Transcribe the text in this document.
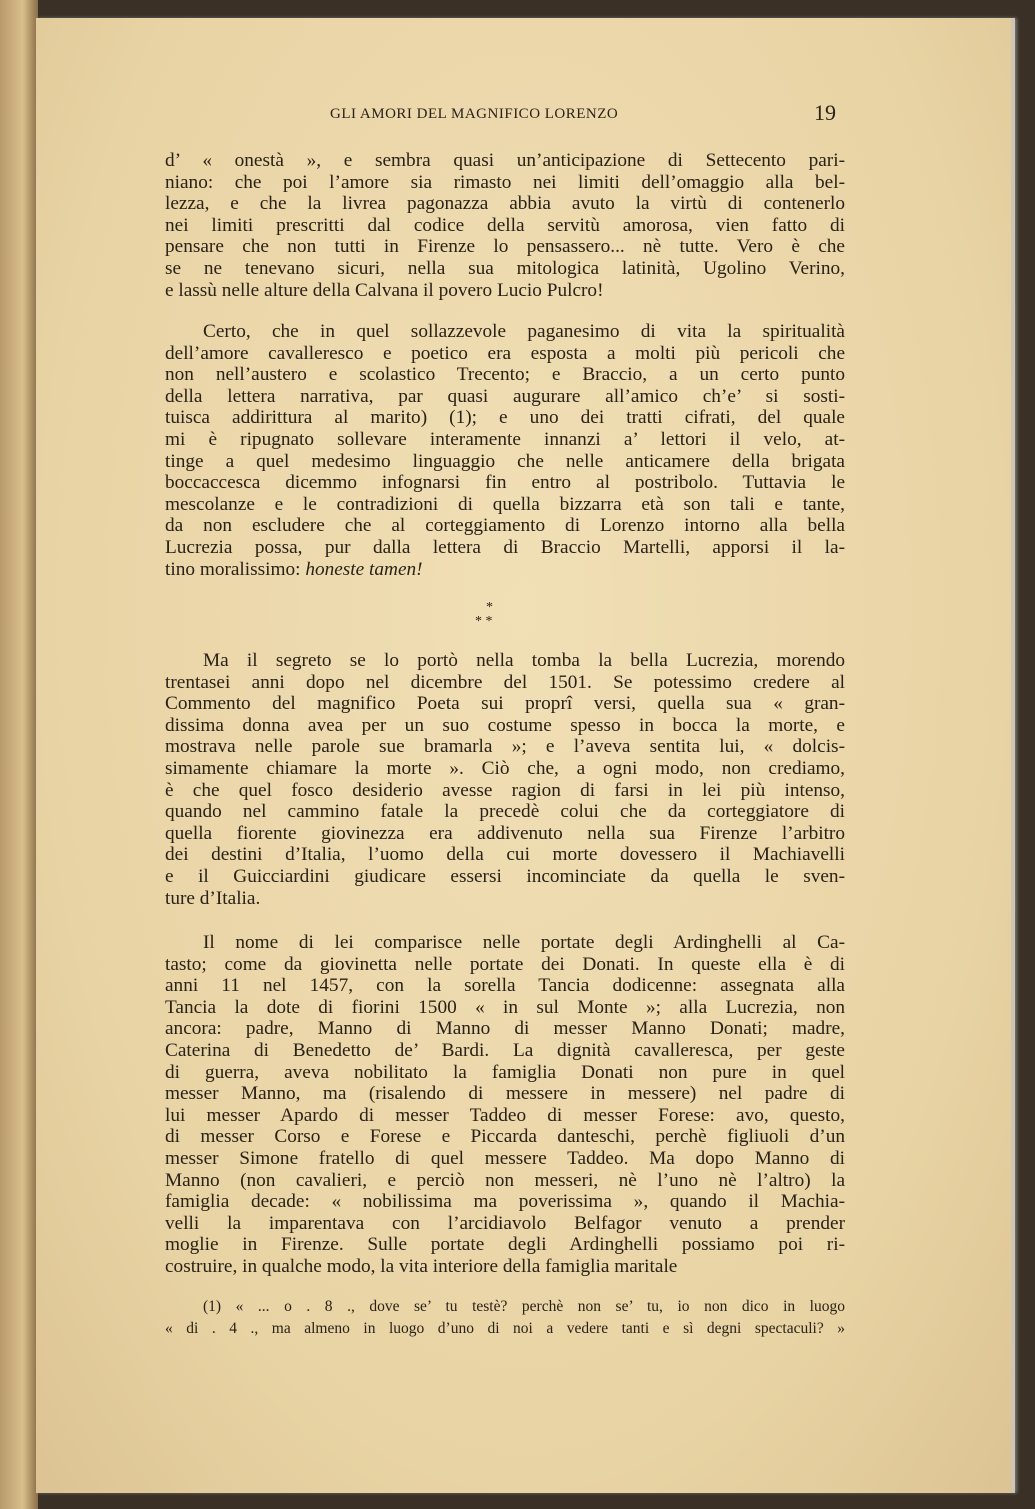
GLI AMORI DEL MAGNIFICO LORENZO	19
d’ « onestà », e sembra quasi un’anticipazione di Settecento pari-
niano: che poi l’amore sia rimasto nei limiti dell’omaggio alla bel-
lezza, e che la livrea pagonazza abbia avuto la virtù di contenerlo
nei limiti prescritti dal codice della servitù amorosa, vien fatto di
pensare che non tutti in Firenze lo pensassero... nè tutte. Vero è che
se ne tenevano sicuri, nella sua mitologica latinità, Ugolino Verino,
e lassù nelle alture della Calvana il povero Lucio Pulcro!
Certo, che in quel sollazzevole paganesimo di vita la spiritualità
dell’amore cavalleresco e poetico era esposta a molti più pericoli che
non nell’austero e scolastico Trecento; e Braccio, a un certo punto
della lettera narrativa, par quasi augurare all’amico ch’e’ si sosti-
tuisca addirittura al marito) (1); e uno dei tratti cifrati, del quale
mi è ripugnato sollevare interamente innanzi a’ lettori il velo, at-
tinge a quel medesimo linguaggio che nelle anticamere della brigata
boccaccesca dicemmo infognarsi fin entro al postribolo. Tuttavia le
mescolanze e le contradizioni di quella bizzarra età son tali e tante,
da non escludere che al corteggiamento di Lorenzo intorno alla bella
Lucrezia possa, pur dalla lettera di Braccio Martelli, apporsi il la-
tino moralissimo: honeste tamen!
Ma il segreto se lo portò nella tomba la bella Lucrezia, morendo
trentasei anni dopo nel dicembre del 1501. Se potessimo credere al
Commento del magnifico Poeta sui proprî versi, quella sua « gran-
dissima donna avea per un suo costume spesso in bocca la morte, e
mostrava nelle parole sue bramarla »; e l’aveva sentita lui, « dolcis-
simamente chiamare la morte ». Ciò che, a ogni modo, non crediamo,
è che quel fosco desiderio avesse ragion di farsi in lei più intenso,
quando nel cammino fatale la precedè colui che da corteggiatore di
quella fiorente giovinezza era addivenuto nella sua Firenze l’arbitro
dei destini d’Italia, l’uomo della cui morte dovessero il Machiavelli
e il Guicciardini giudicare essersi incominciate da quella le sven-
ture d’Italia.
Il nome di lei comparisce nelle portate degli Ardinghelli al Ca-
tasto; come da giovinetta nelle portate dei Donati. In queste ella è di
anni 11 nel 1457, con la sorella Tancia dodicenne: assegnata alla
Tancia la dote di fiorini 1500 « in sul Monte »; alla Lucrezia, non
ancora: padre, Manno di Manno di messer Manno Donati; madre,
Caterina di Benedetto de’ Bardi. La dignità cavalleresca, per geste
di guerra, aveva nobilitato la famiglia Donati non pure in quel
messer Manno, ma (risalendo di messere in messere) nel padre di
lui messer Apardo di messer Taddeo di messer Forese: avo, questo,
di messer Corso e Forese e Piccarda danteschi, perchè figliuoli d’un
messer Simone fratello di quel messere Taddeo. Ma dopo Manno di
Manno (non cavalieri, e perciò non messeri, nè l’uno nè l’altro) la
famiglia decade: « nobilissima ma poverissima », quando il Machia-
velli la imparentava con l’arcidiavolo Belfagor venuto a prender
moglie in Firenze. Sulle portate degli Ardinghelli possiamo poi ri-
costruire, in qualche modo, la vita interiore della famiglia maritale
*
* *
(1) « ... o . 8 ., dove se’ tu testè? perchè non se’ tu, io non dico in luogo
« di . 4 ., ma almeno in luogo d’uno di noi a vedere tanti e sì degni spectaculi? »
